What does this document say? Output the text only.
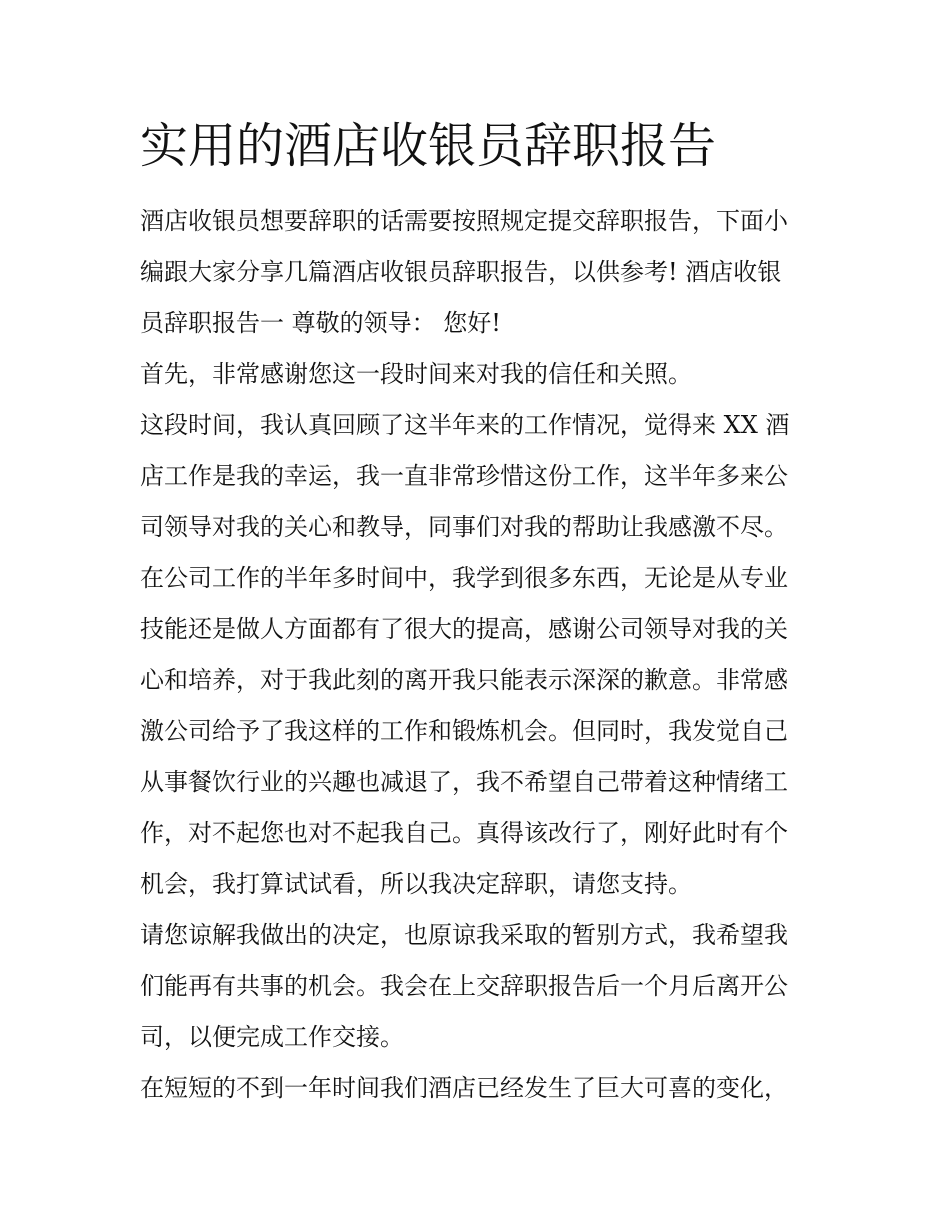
实用的酒店收银员辞职报告
酒店收银员想要辞职的话需要按照规定提交辞职报告，下面小
编跟大家分享几篇酒店收银员辞职报告，以供参考! 酒店收银
员辞职报告一 尊敬的领导： 您好!
首先，非常感谢您这一段时间来对我的信任和关照。
这段时间，我认真回顾了这半年来的工作情况，觉得来 XX 酒
店工作是我的幸运，我一直非常珍惜这份工作，这半年多来公
司领导对我的关心和教导，同事们对我的帮助让我感激不尽。
在公司工作的半年多时间中，我学到很多东西，无论是从专业
技能还是做人方面都有了很大的提高，感谢公司领导对我的关
心和培养，对于我此刻的离开我只能表示深深的歉意。非常感
激公司给予了我这样的工作和锻炼机会。但同时，我发觉自己
从事餐饮行业的兴趣也减退了，我不希望自己带着这种情绪工
作，对不起您也对不起我自己。真得该改行了，刚好此时有个
机会，我打算试试看，所以我决定辞职，请您支持。
请您谅解我做出的决定，也原谅我采取的暂别方式，我希望我
们能再有共事的机会。我会在上交辞职报告后一个月后离开公
司，以便完成工作交接。
在短短的不到一年时间我们酒店已经发生了巨大可喜的变化，
